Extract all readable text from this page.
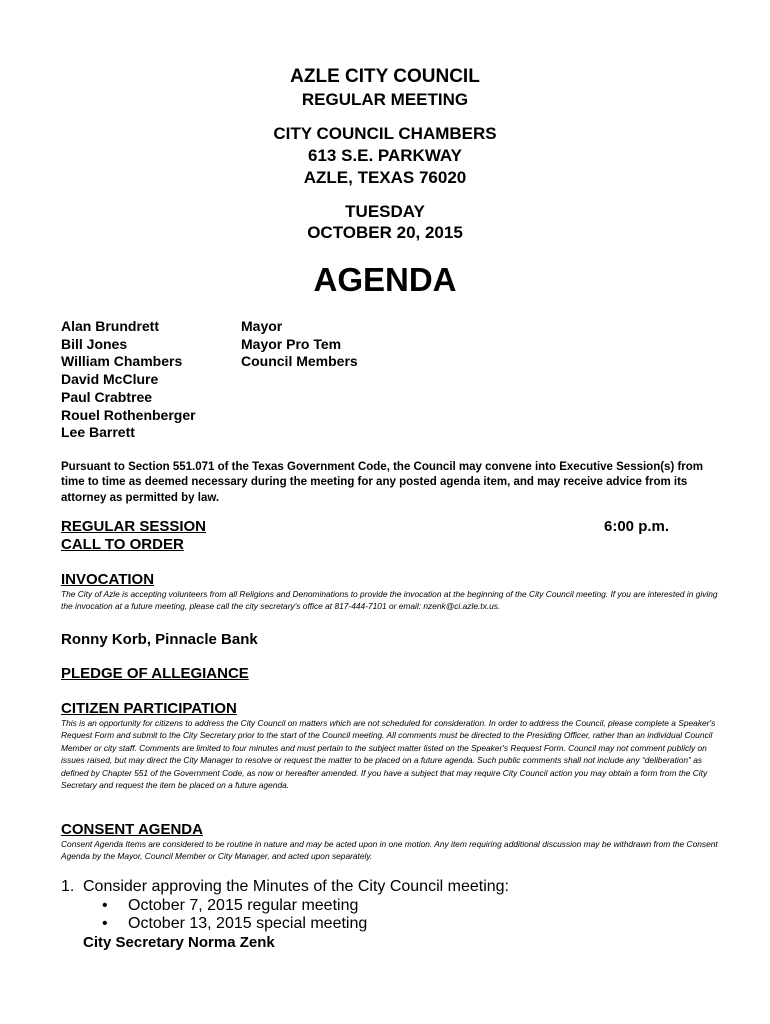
AZLE CITY COUNCIL
REGULAR MEETING
CITY COUNCIL CHAMBERS
613 S.E. PARKWAY
AZLE, TEXAS 76020
TUESDAY
OCTOBER 20, 2015
AGENDA
Alan Brundrett
Bill Jones
William Chambers
David McClure
Paul Crabtree
Rouel Rothenberger
Lee Barrett
Mayor
Mayor Pro Tem
Council Members
Pursuant to Section 551.071 of the Texas Government Code, the Council may convene into Executive Session(s) from time to time as deemed necessary during the meeting for any posted agenda item, and may receive advice from its attorney as permitted by law.
REGULAR SESSION	6:00 p.m.
CALL TO ORDER
INVOCATION
The City of Azle is accepting volunteers from all Religions and Denominations to provide the invocation at the beginning of the City Council meeting. If you are interested in giving the invocation at a future meeting, please call the city secretary's office at 817-444-7101 or email: nzenk@ci.azle.tx.us.
Ronny Korb, Pinnacle Bank
PLEDGE OF ALLEGIANCE
CITIZEN PARTICIPATION
This is an opportunity for citizens to address the City Council on matters which are not scheduled for consideration. In order to address the Council, please complete a Speaker's Request Form and submit to the City Secretary prior to the start of the Council meeting. All comments must be directed to the Presiding Officer, rather than an individual Council Member or city staff. Comments are limited to four minutes and must pertain to the subject matter listed on the Speaker's Request Form. Council may not comment publicly on issues raised, but may direct the City Manager to resolve or request the matter to be placed on a future agenda. Such public comments shall not include any “deliberation” as defined by Chapter 551 of the Government Code, as now or hereafter amended. If you have a subject that may require City Council action you may obtain a form from the City Secretary and request the item be placed on a future agenda.
CONSENT AGENDA
Consent Agenda Items are considered to be routine in nature and may be acted upon in one motion. Any item requiring additional discussion may be withdrawn from the Consent Agenda by the Mayor, Council Member or City Manager, and acted upon separately.
1. Consider approving the Minutes of the City Council meeting:
• October 7, 2015 regular meeting
• October 13, 2015 special meeting
City Secretary Norma Zenk
